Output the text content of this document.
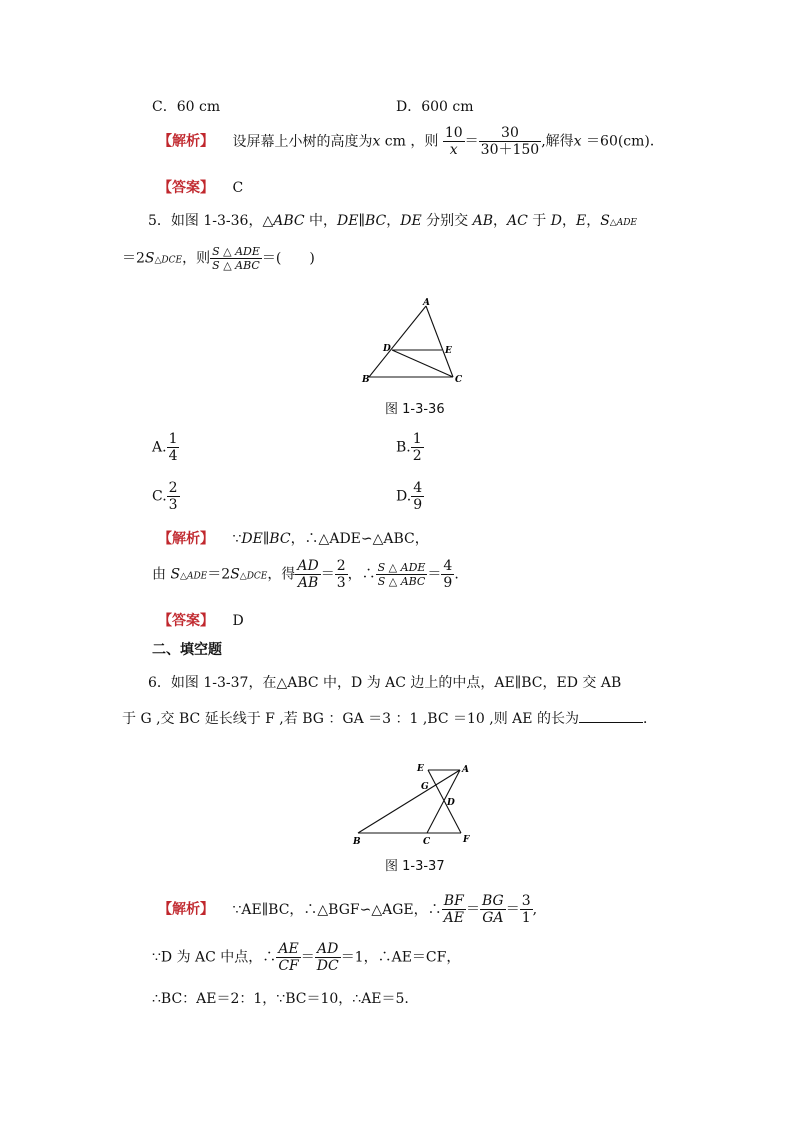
C．60 cm	D．600 cm
【解析】 设屏幕上小树的高度为x cm ，则 $\frac{10}{x} = \frac{30}{30+150}$ ,解得x ＝60(cm)．
【答案】 C
5．如图 1-3-36，△ABC 中，DE∥BC，DE 分别交 AB，AC 于 D，E，S△ADE
＝2S△DCE，则 $\frac{\text{S △ ADE}}{\text{S △ ABC}}$ ＝(　　)
A
D	E
B	C
图 1-3-36
A. $\frac{1}{4}$	B. $\frac{1}{2}$
C. $\frac{2}{3}$	D. $\frac{4}{9}$
【解析】 ∵DE∥BC，∴△ADE∽△ABC，
由 S△ADE＝2S△DCE，得 $\frac{AD}{AB} = \frac{2}{3}$ ，∴ $\frac{\text{S △ ADE}}{\text{S △ ABC}} = \frac{4}{9}$ .
【答案】 D
二、填空题
6．如图 1-3-37，在△ABC 中，D 为 AC 边上的中点，AE∥BC，ED 交 AB
于 G ,交 BC 延长线于 F ,若 BG ：GA ＝3 ：1 ,BC ＝10 ,则 AE 的长为	．
E	A
G
D
B	C	F
图 1-3-37
【解析】 ∵AE∥BC，∴△BGF∽△AGE，∴ $\frac{BF}{AE} = \frac{BG}{GA} = \frac{3}{1}$ ,
∵D 为 AC 中点，∴ $\frac{AE}{CF} = \frac{AD}{DC} =1$，∴AE＝CF，
∴BC：AE＝2：1，∵BC＝10，∴AE＝5.
